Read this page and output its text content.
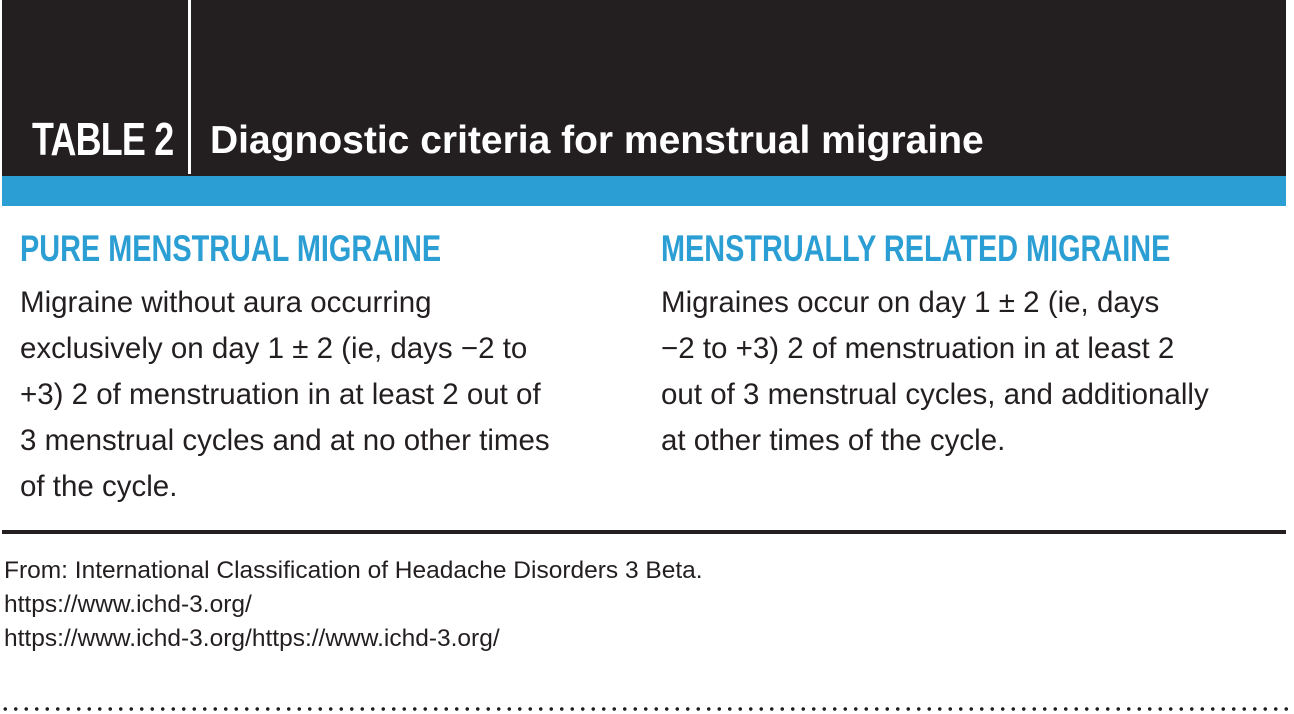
TABLE 2 Diagnostic criteria for menstrual migraine
PURE MENSTRUAL MIGRAINE

Migraine without aura occurring
exclusively on day 1 ± 2 (ie, days −2 to
+3) 2 of menstruation in at least 2 out of
3 menstrual cycles and at no other times
of the cycle.

MENSTRUALLY RELATED MIGRAINE

Migraines occur on day 1 ± 2 (ie, days
−2 to +3) 2 of menstruation in at least 2
out of 3 menstrual cycles, and additionally
at other times of the cycle.

From: International Classification of Headache Disorders 3 Beta.
https://www.ichd-3.org/
https://www.ichd-3.org/https://www.ichd-3.org/
